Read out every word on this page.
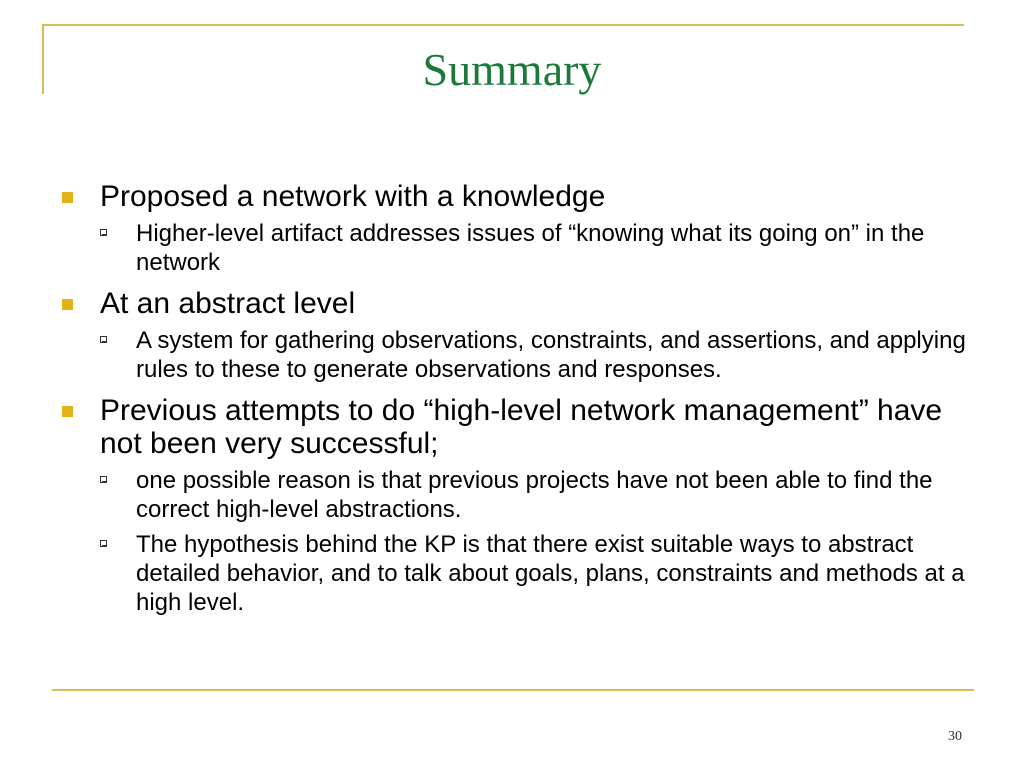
Summary
Proposed a network with a knowledge
Higher-level artifact addresses issues of “knowing what its going on” in the network
At an abstract level
A system for gathering observations, constraints, and assertions, and applying rules to these to generate observations and responses.
Previous attempts to do “high-level network management” have not been very successful;
one possible reason is that previous projects have not been able to find the correct high-level abstractions.
The hypothesis behind the KP is that there exist suitable ways to abstract detailed behavior, and to talk about goals, plans, constraints and methods at a high level.
30
